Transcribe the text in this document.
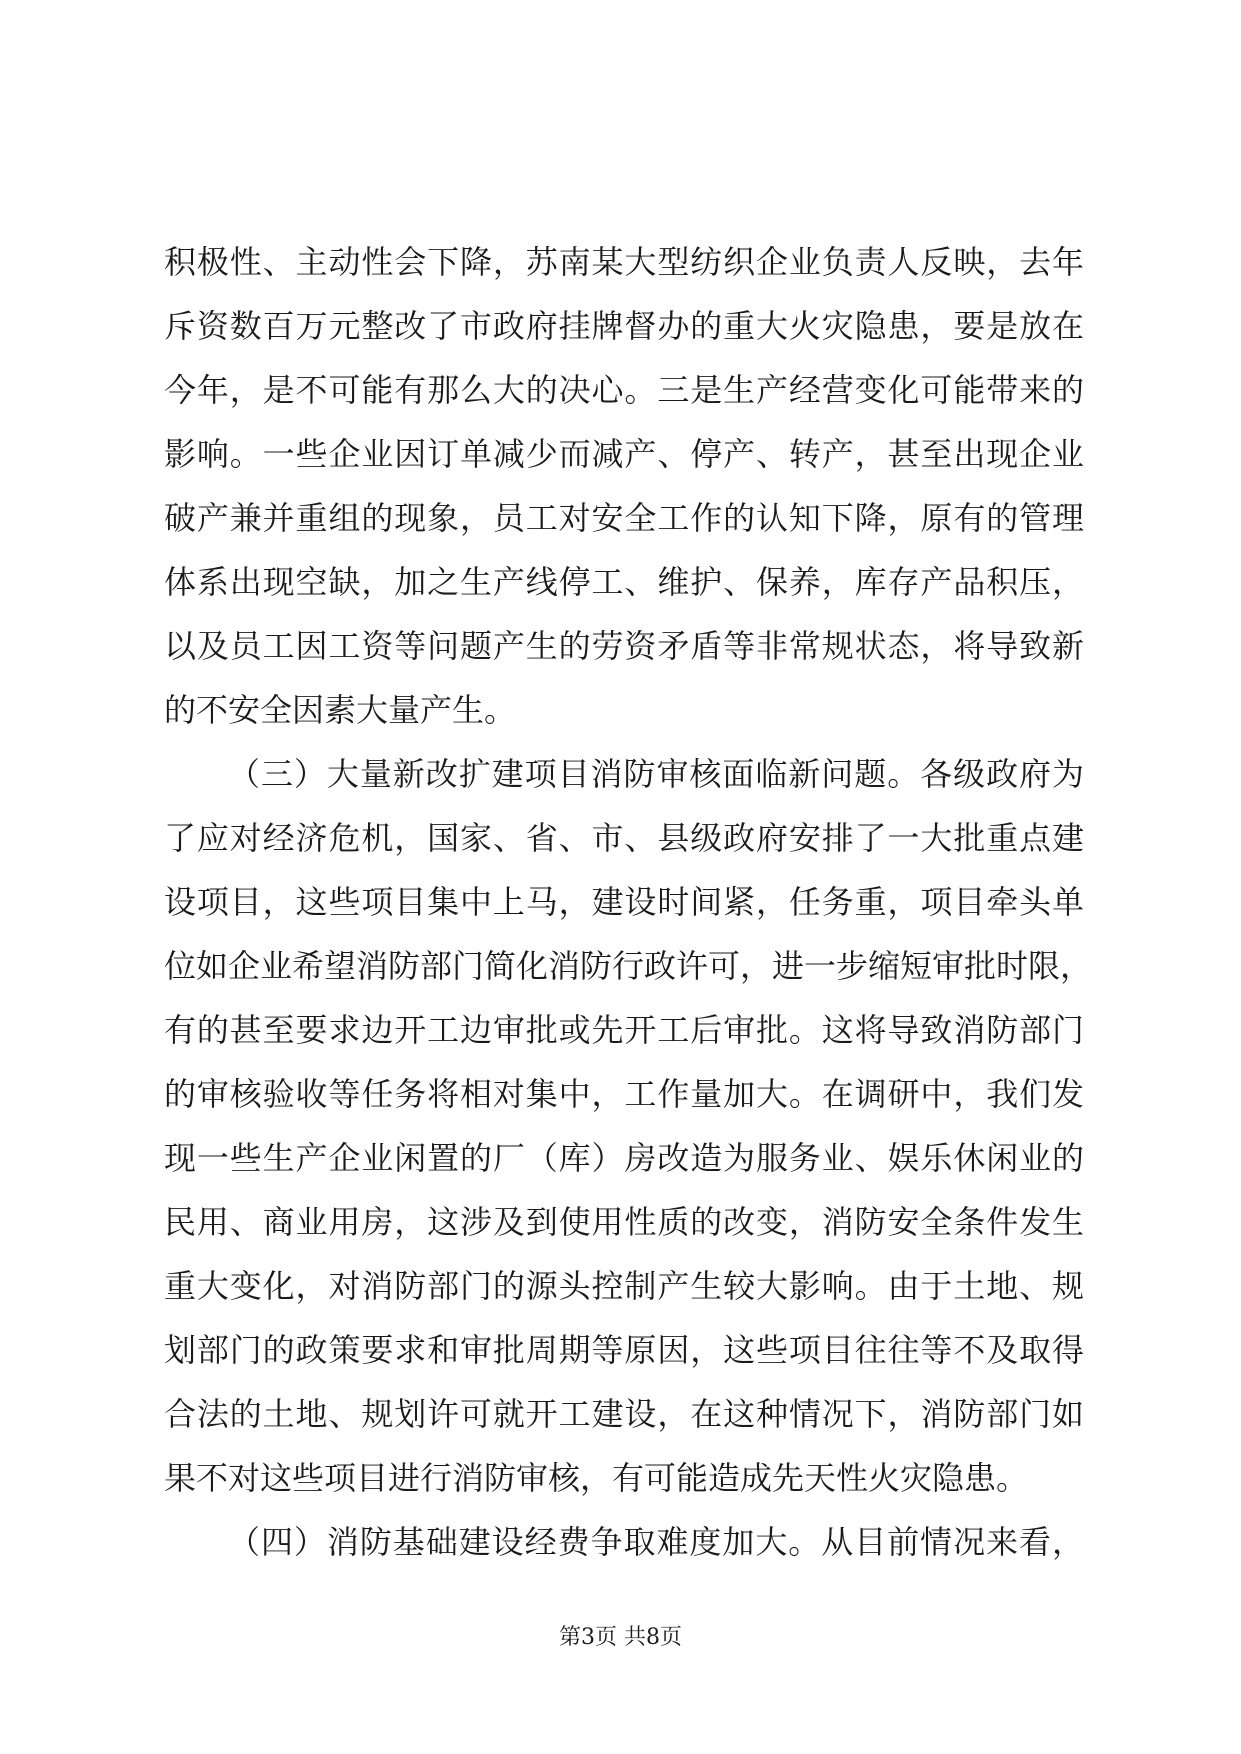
积极性、主动性会下降，苏南某大型纺织企业负责人反映，去年
斥资数百万元整改了市政府挂牌督办的重大火灾隐患，要是放在
今年，是不可能有那么大的决心。三是生产经营变化可能带来的
影响。一些企业因订单减少而减产、停产、转产，甚至出现企业
破产兼并重组的现象，员工对安全工作的认知下降，原有的管理
体系出现空缺，加之生产线停工、维护、保养，库存产品积压，
以及员工因工资等问题产生的劳资矛盾等非常规状态，将导致新
的不安全因素大量产生。
（三）大量新改扩建项目消防审核面临新问题。各级政府为
了应对经济危机，国家、省、市、县级政府安排了一大批重点建
设项目，这些项目集中上马，建设时间紧，任务重，项目牵头单
位如企业希望消防部门简化消防行政许可，进一步缩短审批时限，
有的甚至要求边开工边审批或先开工后审批。这将导致消防部门
的审核验收等任务将相对集中，工作量加大。在调研中，我们发
现一些生产企业闲置的厂（库）房改造为服务业、娱乐休闲业的
民用、商业用房，这涉及到使用性质的改变，消防安全条件发生
重大变化，对消防部门的源头控制产生较大影响。由于土地、规
划部门的政策要求和审批周期等原因，这些项目往往等不及取得
合法的土地、规划许可就开工建设，在这种情况下，消防部门如
果不对这些项目进行消防审核，有可能造成先天性火灾隐患。
（四）消防基础建设经费争取难度加大。从目前情况来看，
第3页 共8页
